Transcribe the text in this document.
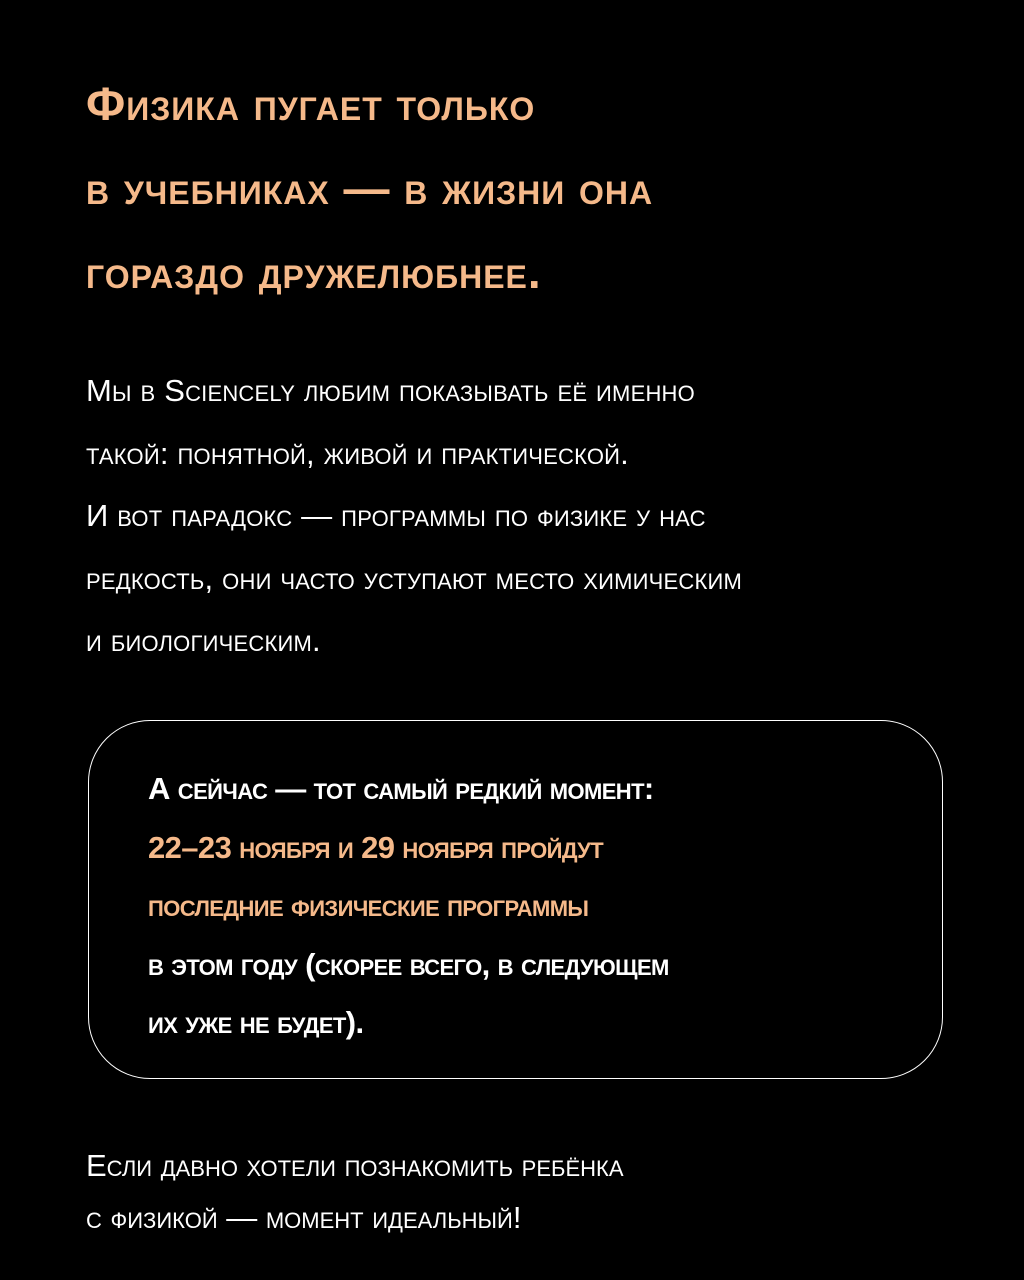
Физика пугает только
в учебниках — в жизни она
гораздо дружелюбнее.
Мы в Sciencely любим показывать её именно
такой: понятной, живой и практической.
И вот парадокс — программы по физике у нас
редкость, они часто уступают место химическим
и биологическим.
А сейчас — тот самый редкий момент:
22–23 ноября и 29 ноября пройдут
последние физические программы
в этом году (скорее всего, в следующем
их уже не будет).
Если давно хотели познакомить ребёнка
с физикой — момент идеальный!
